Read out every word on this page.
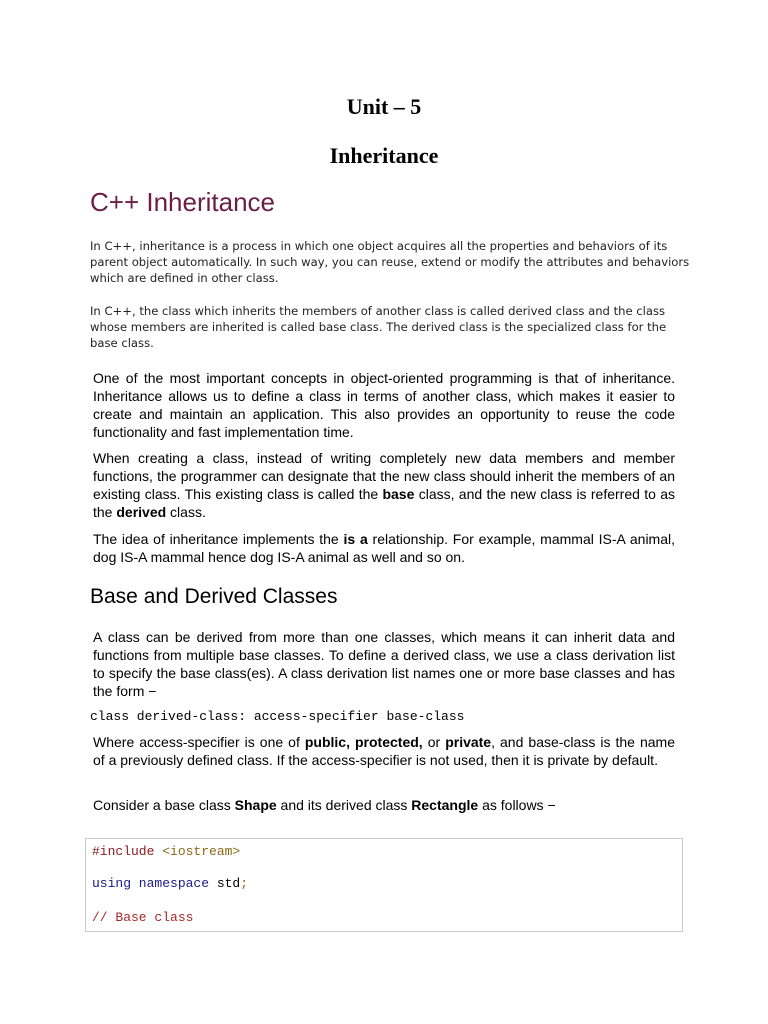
Unit – 5
Inheritance
C++ Inheritance
In C++, inheritance is a process in which one object acquires all the properties and behaviors of its parent object automatically. In such way, you can reuse, extend or modify the attributes and behaviors which are defined in other class.
In C++, the class which inherits the members of another class is called derived class and the class whose members are inherited is called base class. The derived class is the specialized class for the base class.
One of the most important concepts in object-oriented programming is that of inheritance. Inheritance allows us to define a class in terms of another class, which makes it easier to create and maintain an application. This also provides an opportunity to reuse the code functionality and fast implementation time.
When creating a class, instead of writing completely new data members and member functions, the programmer can designate that the new class should inherit the members of an existing class. This existing class is called the base class, and the new class is referred to as the derived class.
The idea of inheritance implements the is a relationship. For example, mammal IS-A animal, dog IS-A mammal hence dog IS-A animal as well and so on.
Base and Derived Classes
A class can be derived from more than one classes, which means it can inherit data and functions from multiple base classes. To define a derived class, we use a class derivation list to specify the base class(es). A class derivation list names one or more base classes and has the form −
class derived-class: access-specifier base-class
Where access-specifier is one of public, protected, or private, and base-class is the name of a previously defined class. If the access-specifier is not used, then it is private by default.
Consider a base class Shape and its derived class Rectangle as follows −
#include <iostream>
using namespace std;
// Base class
